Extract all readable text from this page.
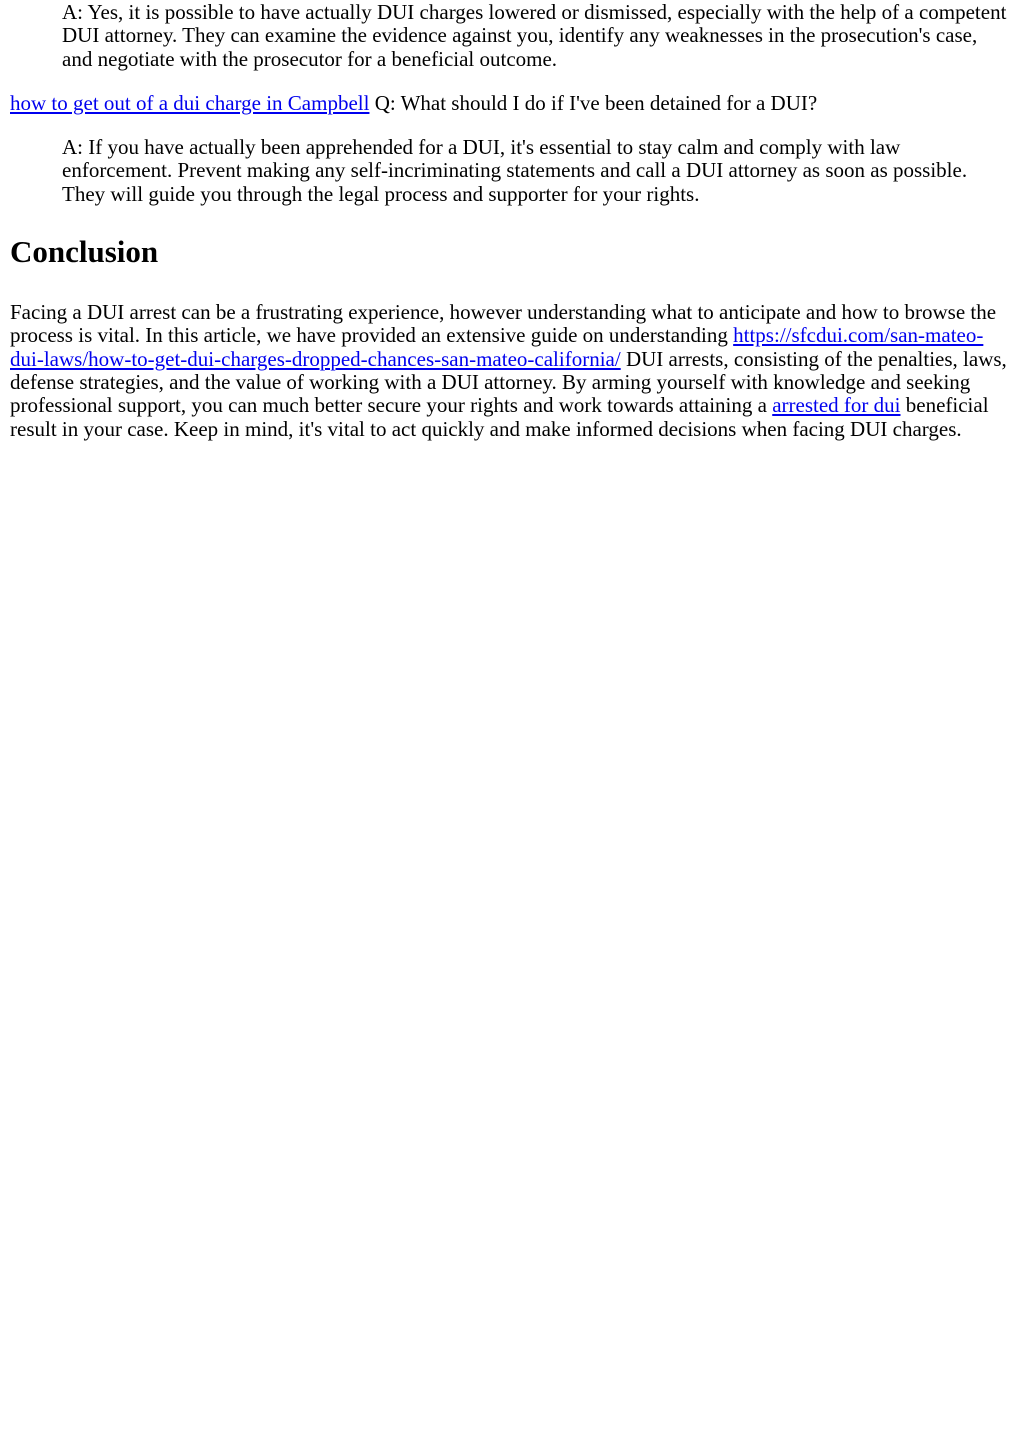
A: Yes, it is possible to have actually DUI charges lowered or dismissed, especially with the help of a competent DUI attorney. They can examine the evidence against you, identify any weaknesses in the prosecution's case, and negotiate with the prosecutor for a beneficial outcome.

how to get out of a dui charge in Campbell Q: What should I do if I've been detained for a DUI?

A: If you have actually been apprehended for a DUI, it's essential to stay calm and comply with law enforcement. Prevent making any self-incriminating statements and call a DUI attorney as soon as possible. They will guide you through the legal process and supporter for your rights.

Conclusion

Facing a DUI arrest can be a frustrating experience, however understanding what to anticipate and how to browse the process is vital. In this article, we have provided an extensive guide on understanding https://sfcdui.com/san-mateo-dui-laws/how-to-get-dui-charges-dropped-chances-san-mateo-california/ DUI arrests, consisting of the penalties, laws, defense strategies, and the value of working with a DUI attorney. By arming yourself with knowledge and seeking professional support, you can much better secure your rights and work towards attaining a arrested for dui beneficial result in your case. Keep in mind, it's vital to act quickly and make informed decisions when facing DUI charges.
